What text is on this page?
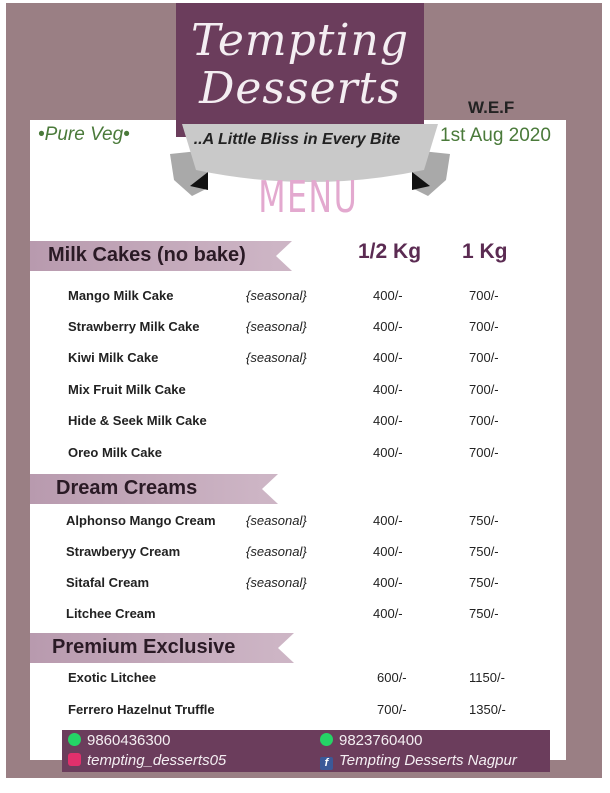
Tempting
Desserts
•Pure Veg•
W.E.F
1st Aug 2020
..A Little Bliss in Every Bite
MENU
1/2 Kg 1 Kg
Milk Cakes (no bake)
Mango Milk Cake	{seasonal}	400/-	700/-
Strawberry Milk Cake	{seasonal}	400/-	700/-
Kiwi Milk Cake	{seasonal}	400/-	700/-
Mix Fruit Milk Cake	400/-	700/-
Hide & Seek Milk Cake	400/-	700/-
Oreo Milk Cake	400/-	700/-
Dream Creams
Alphonso Mango Cream {seasonal}	400/-	750/-
Strawberyy Cream	{seasonal}	400/-	750/-
Sitafal Cream	{seasonal}	400/-	750/-
Litchee Cream	400/-	750/-
Premium Exclusive
Exotic Litchee	600/-	1150/-
Ferrero Hazelnut Truffle	700/-	1350/-
9860436300
tempting_desserts05
9823760400
f Tempting Desserts Nagpur
